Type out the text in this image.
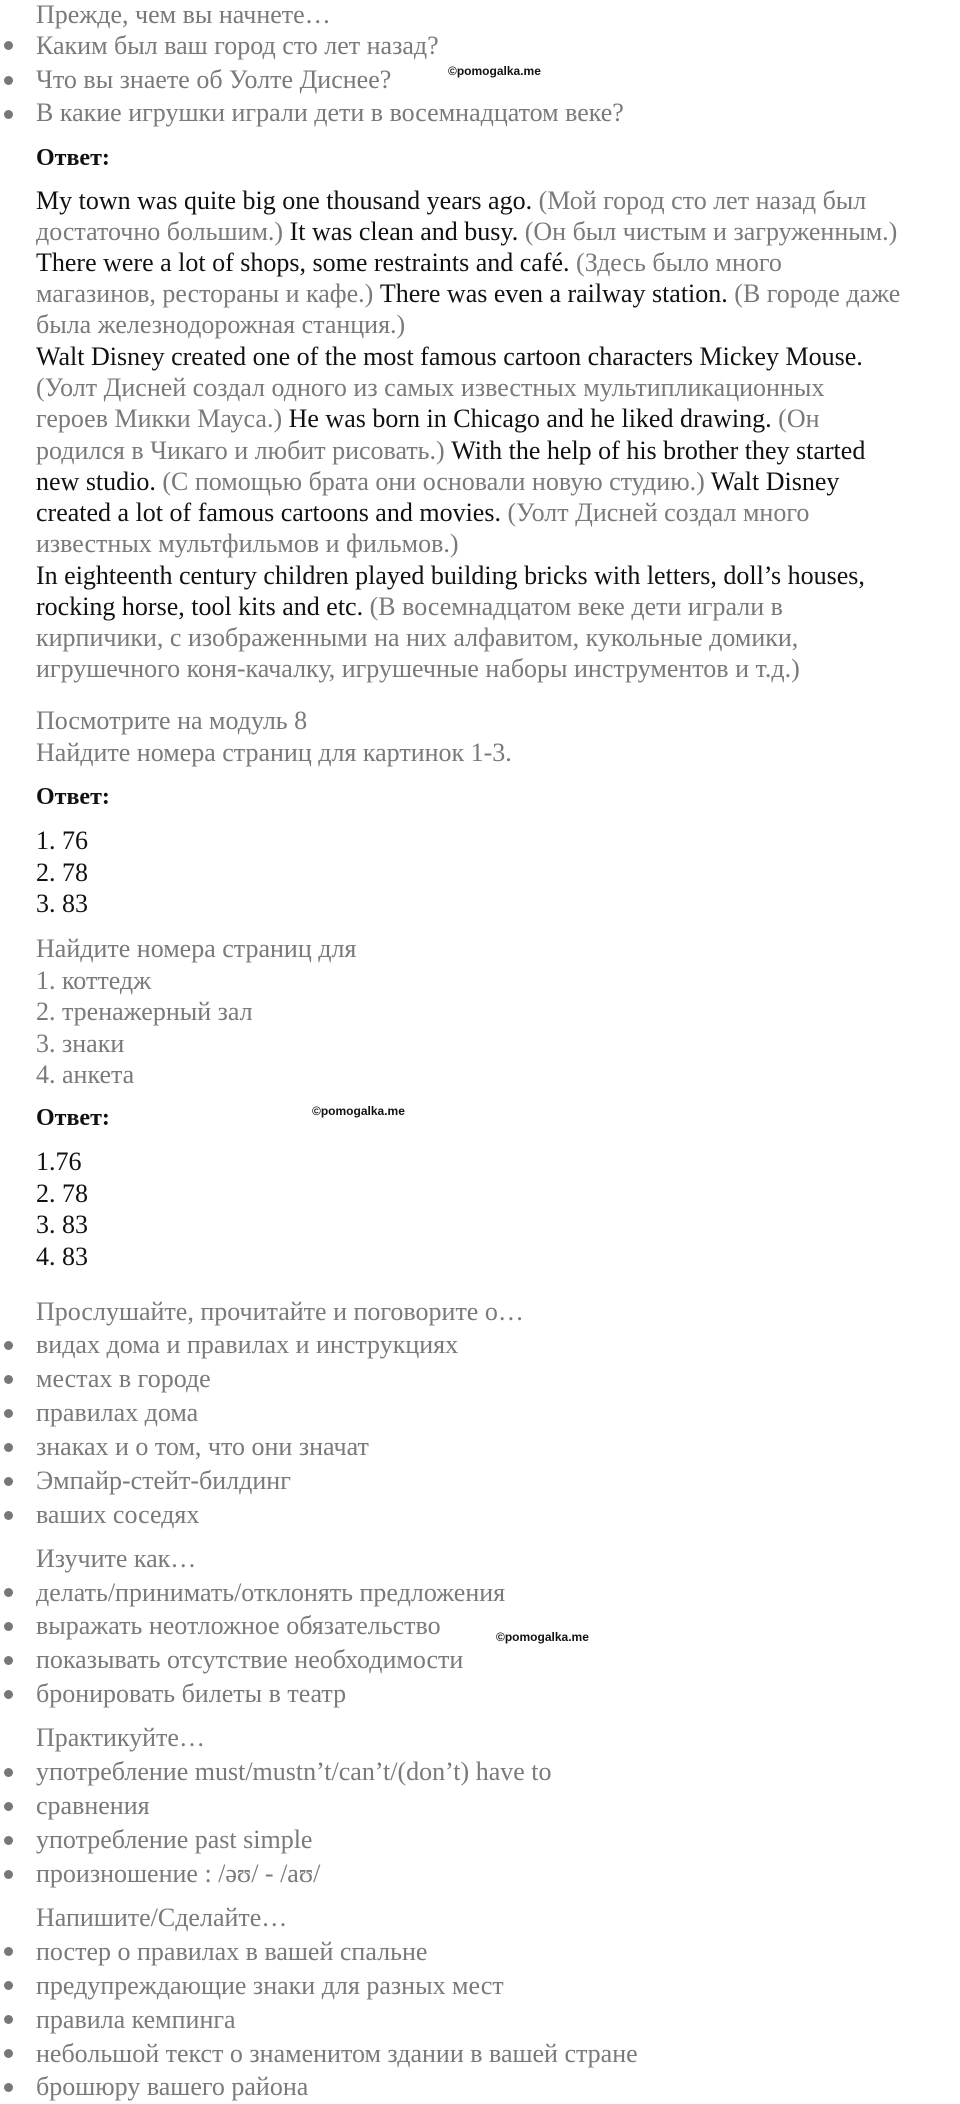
Прежде, чем вы начнете…
Каким был ваш город сто лет назад?
Что вы знаете об Уолте Диснее?	©pomogalka.me
В какие игрушки играли дети в восемнадцатом веке?
Ответ:
My town was quite big one thousand years ago. (Мой город сто лет назад был
достаточно большим.) It was clean and busy. (Он был чистым и загруженным.)
There were a lot of shops, some restraints and café. (Здесь было много
магазинов, рестораны и кафе.) There was even a railway station. (В городе даже
была железнодорожная станция.)
Walt Disney created one of the most famous cartoon characters Mickey Mouse.
(Уолт Дисней создал одного из самых известных мультипликационных
героев Микки Мауса.) He was born in Chicago and he liked drawing. (Он
родился в Чикаго и любит рисовать.) With the help of his brother they started
new studio. (С помощью брата они основали новую студию.) Walt Disney
created a lot of famous cartoons and movies. (Уолт Дисней создал много
известных мультфильмов и фильмов.)
In eighteenth century children played building bricks with letters, doll’s houses,
rocking horse, tool kits and etc. (В восемнадцатом веке дети играли в
кирпичики, с изображенными на них алфавитом, кукольные домики,
игрушечного коня-качалку, игрушечные наборы инструментов и т.д.)
Посмотрите на модуль 8
Найдите номера страниц для картинок 1-3.
Ответ:
1. 76
2. 78
3. 83
Найдите номера страниц для
1. коттедж
2. тренажерный зал
3. знаки
4. анкета
Ответ:	©pomogalka.me
1.76
2. 78
3. 83
4. 83
Прослушайте, прочитайте и поговорите о…
видах дома и правилах и инструкциях
местах в городе
правилах дома
знаках и о том, что они значат
Эмпайр-стейт-билдинг
ваших соседях
Изучите как…
делать/принимать/отклонять предложения
выражать неотложное обязательство	©pomogalka.me
показывать отсутствие необходимости
бронировать билеты в театр
Практикуйте…
употребление must/mustn’t/can’t/(don’t) have to
сравнения
употребление past simple
произношение : /əʊ/ - /aʊ/
Напишите/Сделайте…
постер о правилах в вашей спальне
предупреждающие знаки для разных мест
правила кемпинга
небольшой текст о знаменитом здании в вашей стране
брошюру вашего района
